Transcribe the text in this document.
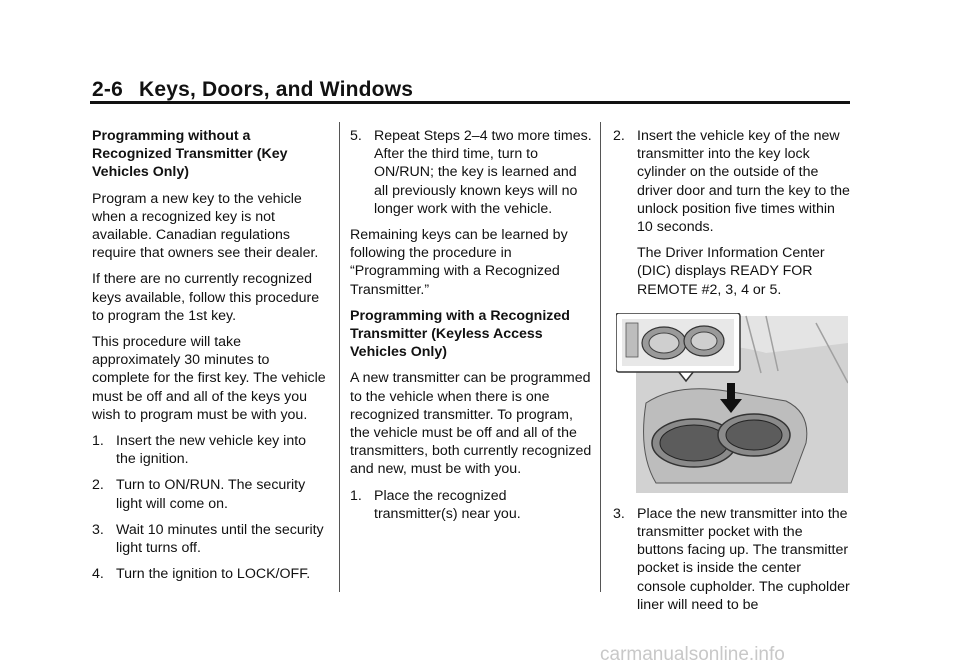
2-6 Keys, Doors, and Windows

Programming without a Recognized Transmitter (Key Vehicles Only)

Program a new key to the vehicle when a recognized key is not available. Canadian regulations require that owners see their dealer.

If there are no currently recognized keys available, follow this procedure to program the 1st key.

This procedure will take approximately 30 minutes to complete for the first key. The vehicle must be off and all of the keys you wish to program must be with you.

1. Insert the new vehicle key into the ignition.
2. Turn to ON/RUN. The security light will come on.
3. Wait 10 minutes until the security light turns off.
4. Turn the ignition to LOCK/OFF.
5. Repeat Steps 2–4 two more times. After the third time, turn to ON/RUN; the key is learned and all previously known keys will no longer work with the vehicle.

Remaining keys can be learned by following the procedure in “Programming with a Recognized Transmitter.”

Programming with a Recognized Transmitter (Keyless Access Vehicles Only)

A new transmitter can be programmed to the vehicle when there is one recognized transmitter. To program, the vehicle must be off and all of the transmitters, both currently recognized and new, must be with you.

1. Place the recognized transmitter(s) near you.
2. Insert the vehicle key of the new transmitter into the key lock cylinder on the outside of the driver door and turn the key to the unlock position five times within 10 seconds.

The Driver Information Center (DIC) displays READY FOR REMOTE #2, 3, 4 or 5.

3. Place the new transmitter into the transmitter pocket with the buttons facing up. The transmitter pocket is inside the center console cupholder. The cupholder liner will need to be
carmanualsonline.info
